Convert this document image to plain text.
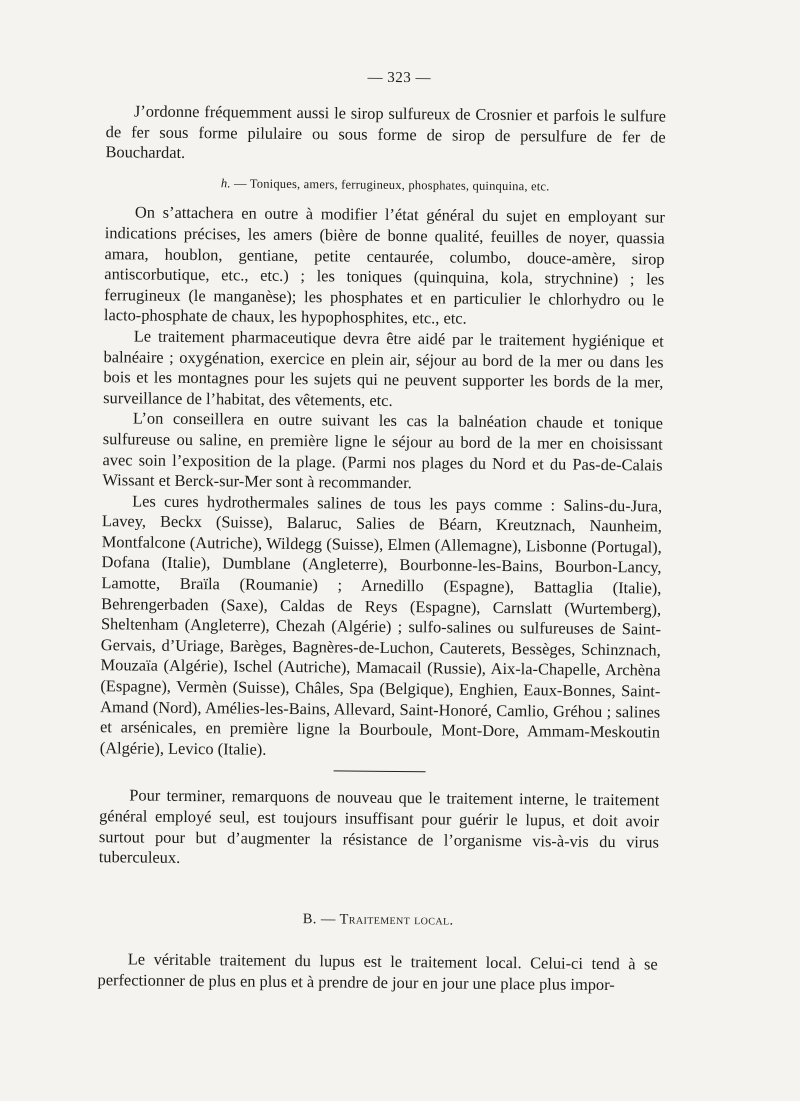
— 323 —

J’ordonne fréquemment aussi le sirop sulfureux de Crosnier et parfois le sulfure de fer sous forme pilulaire ou sous forme de sirop de persulfure de fer de Bouchardat.

h. — Toniques, amers, ferrugineux, phosphates, quinquina, etc.

On s’attachera en outre à modifier l’état général du sujet en employant sur indications précises, les amers (bière de bonne qualité, feuilles de noyer, quassia amara, houblon, gentiane, petite centaurée, columbo, douce-amère, sirop antiscorbutique, etc., etc.) ; les toniques (quinquina, kola, strychnine) ; les ferrugineux (le manganèse); les phosphates et en particulier le chlorhydro ou le lacto-phosphate de chaux, les hypophosphites, etc., etc.

Le traitement pharmaceutique devra être aidé par le traitement hygiénique et balnéaire ; oxygénation, exercice en plein air, séjour au bord de la mer ou dans les bois et les montagnes pour les sujets qui ne peuvent supporter les bords de la mer, surveillance de l’habitat, des vêtements, etc.

L’on conseillera en outre suivant les cas la balnéation chaude et tonique sulfureuse ou saline, en première ligne le séjour au bord de la mer en choisissant avec soin l’exposition de la plage. (Parmi nos plages du Nord et du Pas-de-Calais Wissant et Berck-sur-Mer sont à recommander.

Les cures hydrothermales salines de tous les pays comme : Salins-du-Jura, Lavey, Beckx (Suisse), Balaruc, Salies de Béarn, Kreutznach, Naunheim, Montfalcone (Autriche), Wildegg (Suisse), Elmen (Allemagne), Lisbonne (Portugal), Dofana (Italie), Dumblane (Angleterre), Bourbonne-les-Bains, Bourbon-Lancy, Lamotte, Braïla (Roumanie) ; Arnedillo (Espagne), Battaglia (Italie), Behrengerbaden (Saxe), Caldas de Reys (Espagne), Carnslatt (Wurtemberg), Sheltenham (Angleterre), Chezah (Algérie) ; sulfo-salines ou sulfureuses de Saint-Gervais, d’Uriage, Barèges, Bagnères-de-Luchon, Cauterets, Bessèges, Schinznach, Mouzaïa (Algérie), Ischel (Autriche), Mamacail (Russie), Aix-la-Chapelle, Archèna (Espagne), Vermèn (Suisse), Châles, Spa (Belgique), Enghien, Eaux-Bonnes, Saint-Amand (Nord), Amélies-les-Bains, Allevard, Saint-Honoré, Camlio, Gréhou ; salines et arsénicales, en première ligne la Bourboule, Mont-Dore, Ammam-Meskoutin (Algérie), Levico (Italie).

Pour terminer, remarquons de nouveau que le traitement interne, le traitement général employé seul, est toujours insuffisant pour guérir le lupus, et doit avoir surtout pour but d’augmenter la résistance de l’organisme vis-à-vis du virus tuberculeux.

B. — Traitement local.

Le véritable traitement du lupus est le traitement local. Celui-ci tend à se perfectionner de plus en plus et à prendre de jour en jour une place plus impor-
